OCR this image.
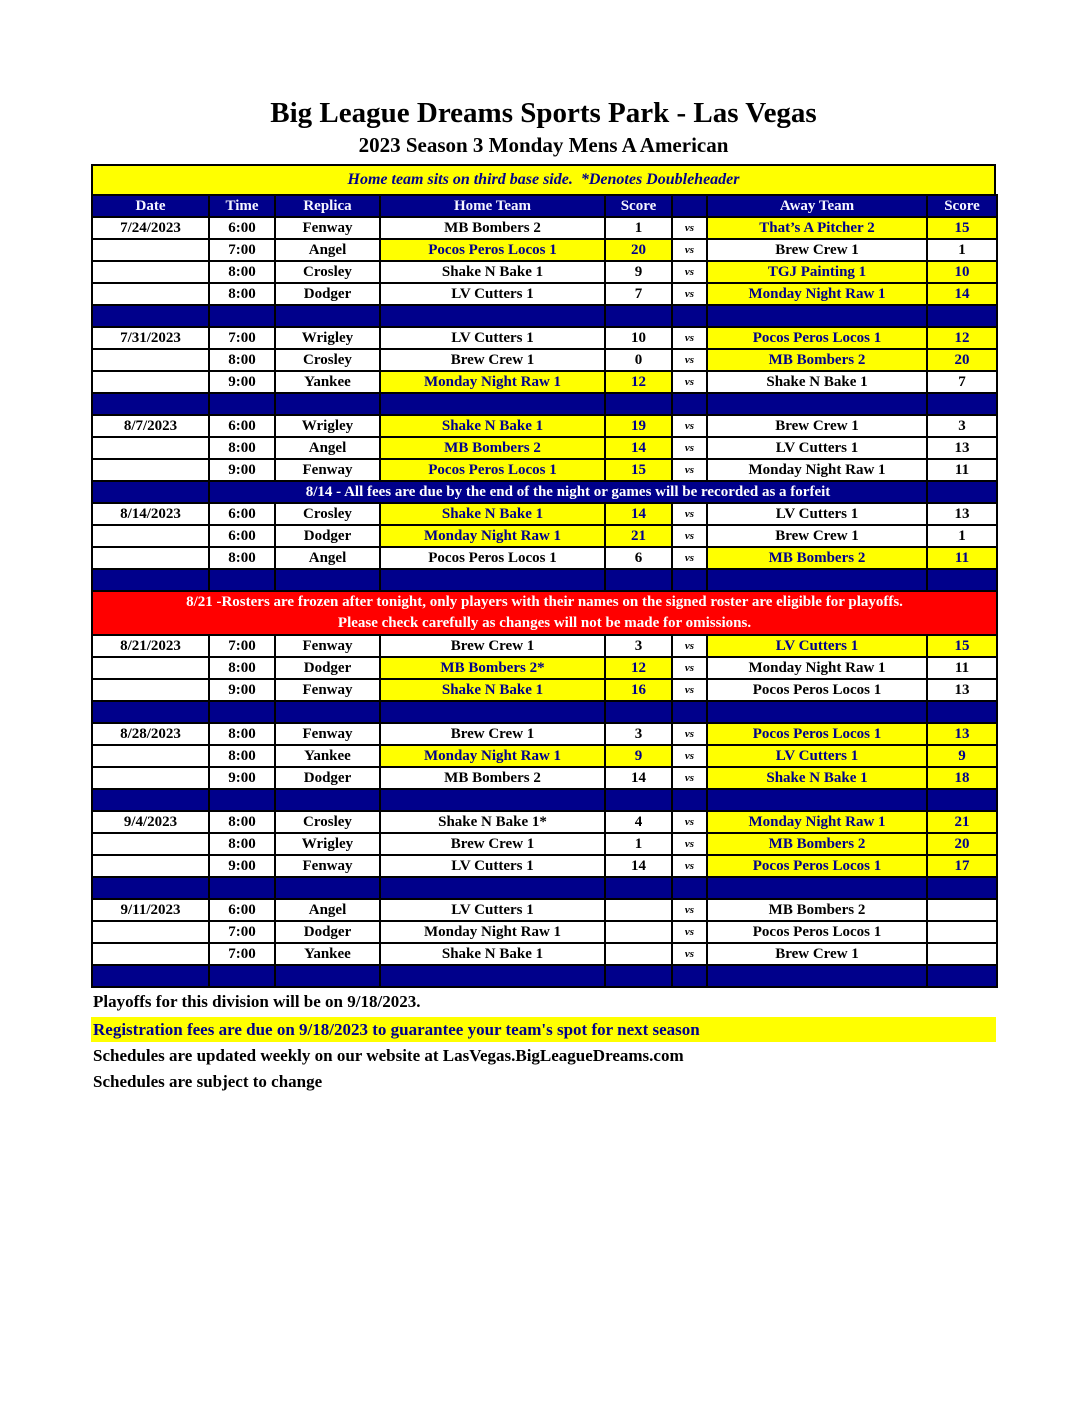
Big League Dreams Sports Park - Las Vegas
2023 Season 3 Monday Mens A American
Home team sits on third base side.  *Denotes Doubleheader
Date	Time	Replica	Home Team	Score		Away Team	Score
7/24/2023	6:00	Fenway	MB Bombers 2	1	vs	That’s A Pitcher 2	15
	7:00	Angel	Pocos Peros Locos 1	20	vs	Brew Crew 1	1
	8:00	Crosley	Shake N Bake 1	9	vs	TGJ Painting 1	10
	8:00	Dodger	LV Cutters 1	7	vs	Monday Night Raw 1	14

7/31/2023	7:00	Wrigley	LV Cutters 1	10	vs	Pocos Peros Locos 1	12
	8:00	Crosley	Brew Crew 1	0	vs	MB Bombers 2	20
	9:00	Yankee	Monday Night Raw 1	12	vs	Shake N Bake 1	7

8/7/2023	6:00	Wrigley	Shake N Bake 1	19	vs	Brew Crew 1	3
	8:00	Angel	MB Bombers 2	14	vs	LV Cutters 1	13
	9:00	Fenway	Pocos Peros Locos 1	15	vs	Monday Night Raw 1	11
	8/14 - All fees are due by the end of the night or games will be recorded as a forfeit						
8/14/2023	6:00	Crosley	Shake N Bake 1	14	vs	LV Cutters 1	13
	6:00	Dodger	Monday Night Raw 1	21	vs	Brew Crew 1	1
	8:00	Angel	Pocos Peros Locos 1	6	vs	MB Bombers 2	11

8/21 -Rosters are frozen after tonight, only players with their names on the signed roster are eligible for playoffs.
Please check carefully as changes will not be made for omissions.							

8/21/2023	7:00	Fenway	Brew Crew 1	3	vs	LV Cutters 1	15
	8:00	Dodger	MB Bombers 2*	12	vs	Monday Night Raw 1	11
	9:00	Fenway	Shake N Bake 1	16	vs	Pocos Peros Locos 1	13

8/28/2023	8:00	Fenway	Brew Crew 1	3	vs	Pocos Peros Locos 1	13
	8:00	Yankee	Monday Night Raw 1	9	vs	LV Cutters 1	9
	9:00	Dodger	MB Bombers 2	14	vs	Shake N Bake 1	18

9/4/2023	8:00	Crosley	Shake N Bake 1*	4	vs	Monday Night Raw 1	21
	8:00	Wrigley	Brew Crew 1	1	vs	MB Bombers 2	20
	9:00	Fenway	LV Cutters 1	14	vs	Pocos Peros Locos 1	17

9/11/2023	6:00	Angel	LV Cutters 1		vs	MB Bombers 2	
	7:00	Dodger	Monday Night Raw 1		vs	Pocos Peros Locos 1	
	7:00	Yankee	Shake N Bake 1		vs	Brew Crew 1	

Playoffs for this division will be on 9/18/2023.
Registration fees are due on 9/18/2023 to guarantee your team's spot for next season
Schedules are updated weekly on our website at LasVegas.BigLeagueDreams.com
Schedules are subject to change
